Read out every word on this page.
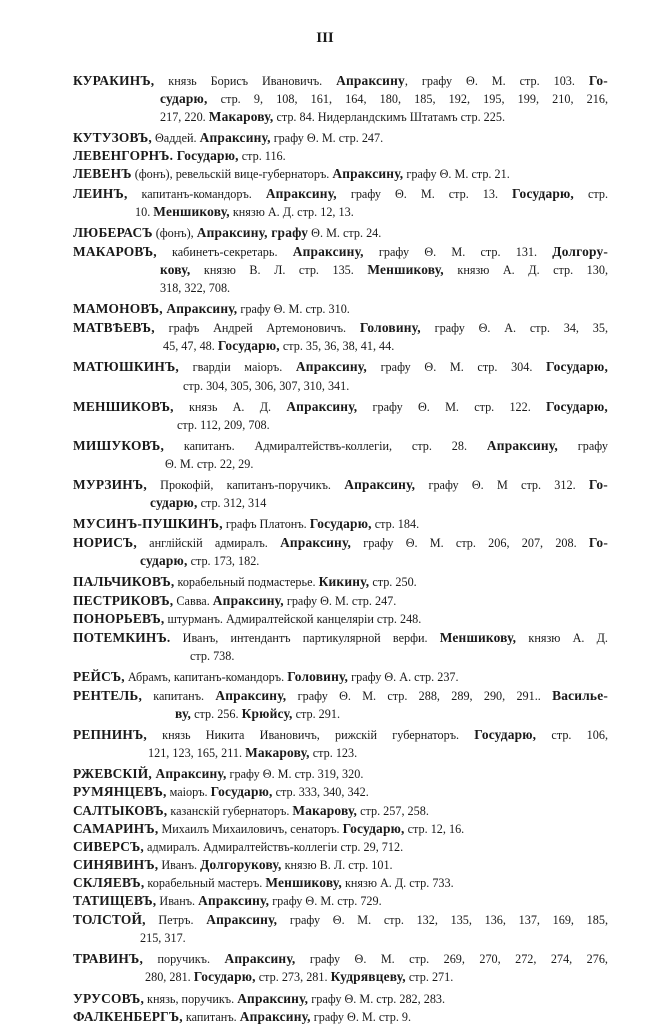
III
КУРАКИНЪ, князь Борисъ Ивановичъ. Апраксину, графу Θ. М. стр. 103. Го-
сударю, стр. 9, 108, 161, 164, 180, 185, 192, 195, 199, 210, 216,
217, 220. Макарову, стр. 84. Нидерландскимъ Штатамъ стр. 225.
КУТУЗОВЪ, Θаддей. Апраксину, графу Θ. М. стр. 247.
ЛЕВЕНГОРНЪ. Государю, стр. 116.
ЛЕВЕНЪ (фонъ), ревельскій вице-губернаторъ. Апраксину, графу Θ. М. стр. 21.
ЛЕИНЪ, капитанъ-командоръ. Апраксину, графу Θ. М. стр. 13. Государю, стр.
10. Меншикову, князю А. Д. стр. 12, 13.
ЛЮБЕРАСЪ (фонъ), Апраксину, графу Θ. М. стр. 24.
МАКАРОВЪ, кабинетъ-секретарь. Апраксину, графу Θ. М. стр. 131. Долгору-
кову, князю В. Л. стр. 135. Меншикову, князю А. Д. стр. 130,
318, 322, 708.
МАМОНОВЪ, Апраксину, графу Θ. М. стр. 310.
МАТВѢЕВЪ, графъ Андрей Артемоновичъ. Головину, графу Θ. А. стр. 34, 35,
45, 47, 48. Государю, стр. 35, 36, 38, 41, 44.
МАТЮШКИНЪ, гвардіи маіоръ. Апраксину, графу Θ. М. стр. 304. Государю,
стр. 304, 305, 306, 307, 310, 341.
МЕНШИКОВЪ, князь А. Д. Апраксину, графу Θ. М. стр. 122. Государю,
стр. 112, 209, 708.
МИШУКОВЪ, капитанъ. Адмиралтействъ-коллегіи, стр. 28. Апраксину, графу
Θ. М. стр. 22, 29.
МУРЗИНЪ, Прокофій, капитанъ-поручикъ. Апраксину, графу Θ. М стр. 312. Го-
сударю, стр. 312, 314
МУСИНЪ-ПУШКИНЪ, графъ Платонъ. Государю, стр. 184.
НОРИСЪ, англійскій адмиралъ. Апраксину, графу Θ. М. стр. 206, 207, 208. Го-
сударю, стр. 173, 182.
ПАЛЬЧИКОВЪ, корабельный подмастерье. Кикину, стр. 250.
ПЕСТРИКОВЪ, Савва. Апраксину, графу Θ. М. стр. 247.
ПОНОРЬЕВЪ, штурманъ. Адмиралтейской канцеляріи стр. 248.
ПОТЕМКИНЪ. Иванъ, интендантъ партикулярной верфи. Меншикову, князю А. Д.
стр. 738.
РЕЙСЪ, Абрамъ, капитанъ-командоръ. Головину, графу Θ. А. стр. 237.
РЕНТЕЛЬ, капитанъ. Апраксину, графу Θ. М. стр. 288, 289, 290, 291.. Василье-
ву, стр. 256. Крюйсу, стр. 291.
РЕПНИНЪ, князь Никита Ивановичъ, рижскій губернаторъ. Государю, стр. 106,
121, 123, 165, 211. Макарову, стр. 123.
РЖЕВСКІЙ, Апраксину, графу Θ. М. стр. 319, 320.
РУМЯНЦЕВЪ, маіоръ. Государю, стр. 333, 340, 342.
САЛТЫКОВЪ, казанскій губернаторъ. Макарову, стр. 257, 258.
САМАРИНЪ, Михаилъ Михаиловичъ, сенаторъ. Государю, стр. 12, 16.
СИВЕРСЪ, адмиралъ. Адмиралтействъ-коллегіи стр. 29, 712.
СИНЯВИНЪ, Иванъ. Долгорукову, князю В. Л. стр. 101.
СКЛЯЕВЪ, корабельный мастеръ. Меншикову, князю А. Д. стр. 733.
ТАТИЩЕВЪ, Иванъ. Апраксину, графу Θ. М. стр. 729.
ТОЛСТОЙ, Петръ. Апраксину, графу Θ. М. стр. 132, 135, 136, 137, 169, 185,
215, 317.
ТРАВИНЪ, поручикъ. Апраксину, графу Θ. М. стр. 269, 270, 272, 274, 276,
280, 281. Государю, стр. 273, 281. Кудрявцеву, стр. 271.
УРУСОВЪ, князь, поручикъ. Апраксину, графу Θ. М. стр. 282, 283.
ФАЛКЕНБЕРГЪ, капитанъ. Апраксину, графу Θ. М. стр. 9.
